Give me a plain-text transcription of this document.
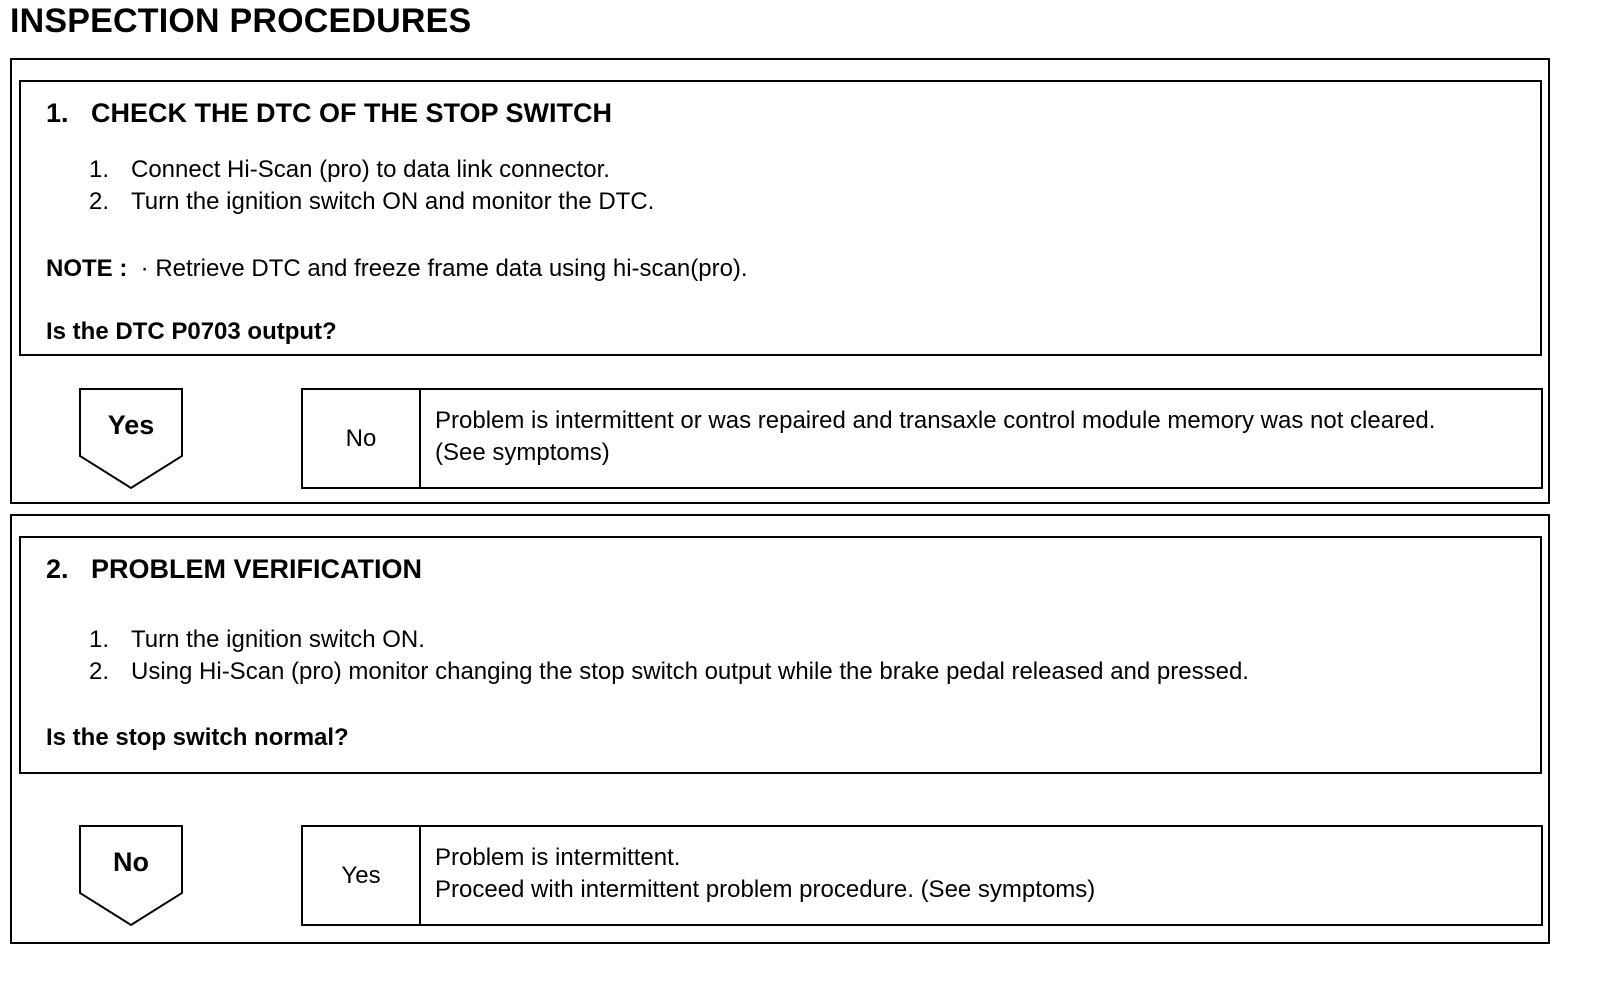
INSPECTION PROCEDURES
1. CHECK THE DTC OF THE STOP SWITCH
1. Connect Hi-Scan (pro) to data link connector.
2. Turn the ignition switch ON and monitor the DTC.
NOTE : · Retrieve DTC and freeze frame data using hi-scan(pro).
Is the DTC P0703 output?
Yes	No
Problem is intermittent or was repaired and transaxle control module memory was not cleared.
(See symptoms)
2. PROBLEM VERIFICATION
1. Turn the ignition switch ON.
2. Using Hi-Scan (pro) monitor changing the stop switch output while the brake pedal released and pressed.
Is the stop switch normal?
No	Yes
Problem is intermittent.
Proceed with intermittent problem procedure. (See symptoms)
